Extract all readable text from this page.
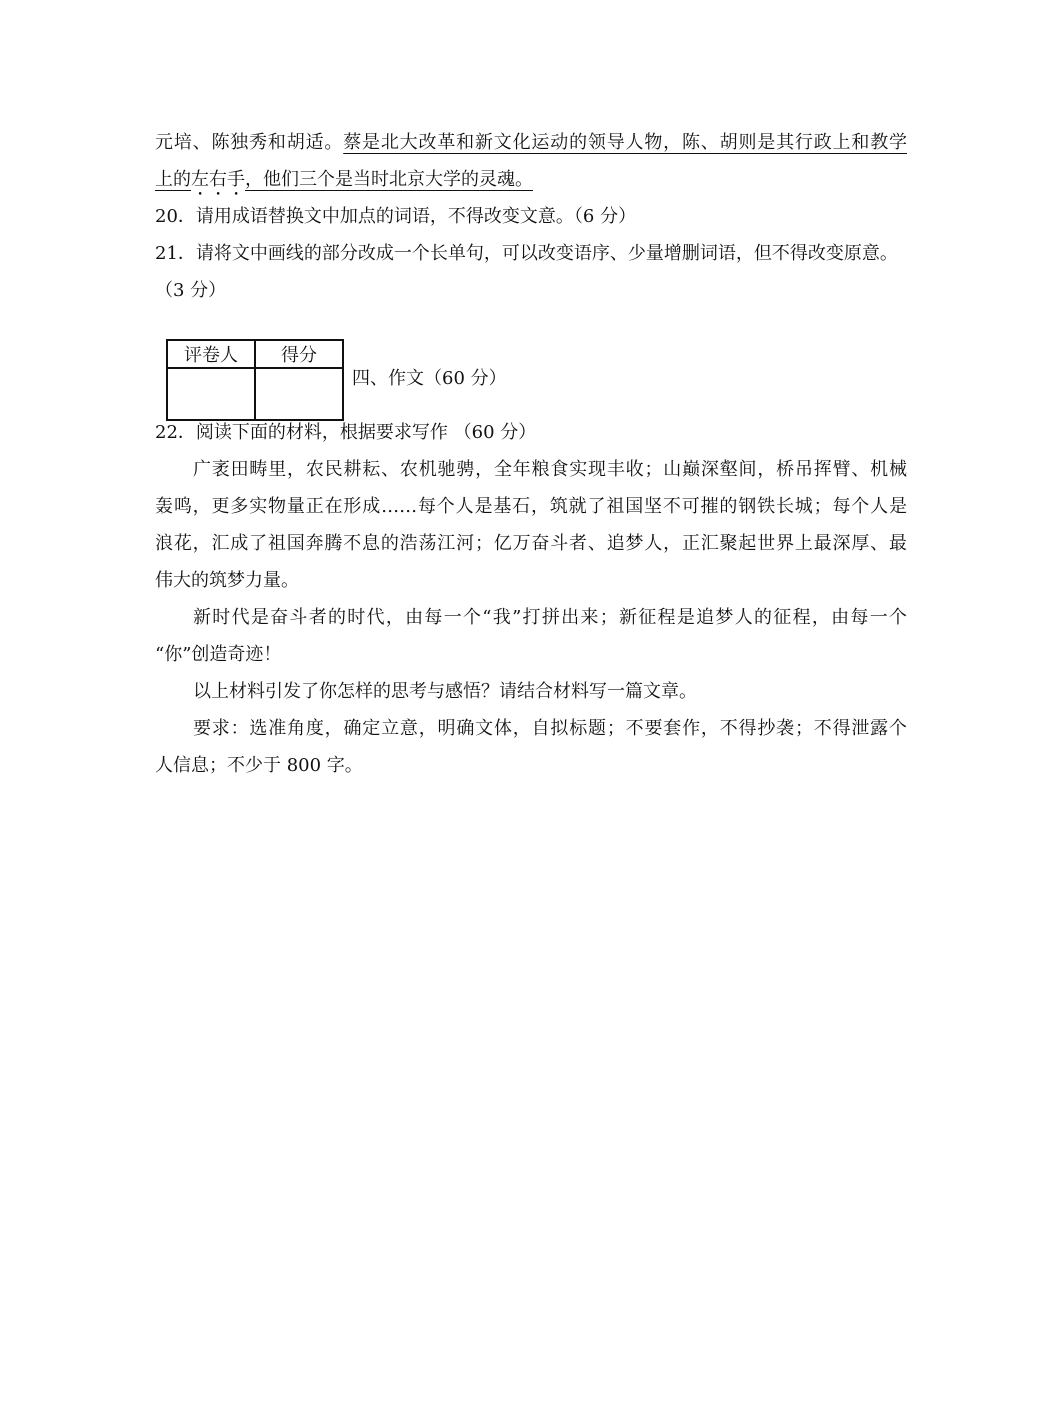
元培、陈独秀和胡适。蔡是北大改革和新文化运动的领导人物，陈、胡则是其行政上和教学
上的左右手，他们三个是当时北京大学的灵魂。
20．请用成语替换文中加点的词语，不得改变文意。（6 分）
21．请将文中画线的部分改成一个长单句，可以改变语序、少量增删词语，但不得改变原意。
（3 分）
评卷人	得分

四、作文（60 分）
22．阅读下面的材料，根据要求写作 （60 分）
广袤田畴里，农民耕耘、农机驰骋，全年粮食实现丰收；山巅深壑间，桥吊挥臂、机械
轰鸣，更多实物量正在形成……每个人是基石，筑就了祖国坚不可摧的钢铁长城；每个人是
浪花，汇成了祖国奔腾不息的浩荡江河；亿万奋斗者、追梦人，正汇聚起世界上最深厚、最
伟大的筑梦力量。
新时代是奋斗者的时代，由每一个“我”打拼出来；新征程是追梦人的征程，由每一个
“你”创造奇迹！
以上材料引发了你怎样的思考与感悟？请结合材料写一篇文章。
要求：选准角度，确定立意，明确文体，自拟标题；不要套作，不得抄袭；不得泄露个
人信息；不少于 800 字。
